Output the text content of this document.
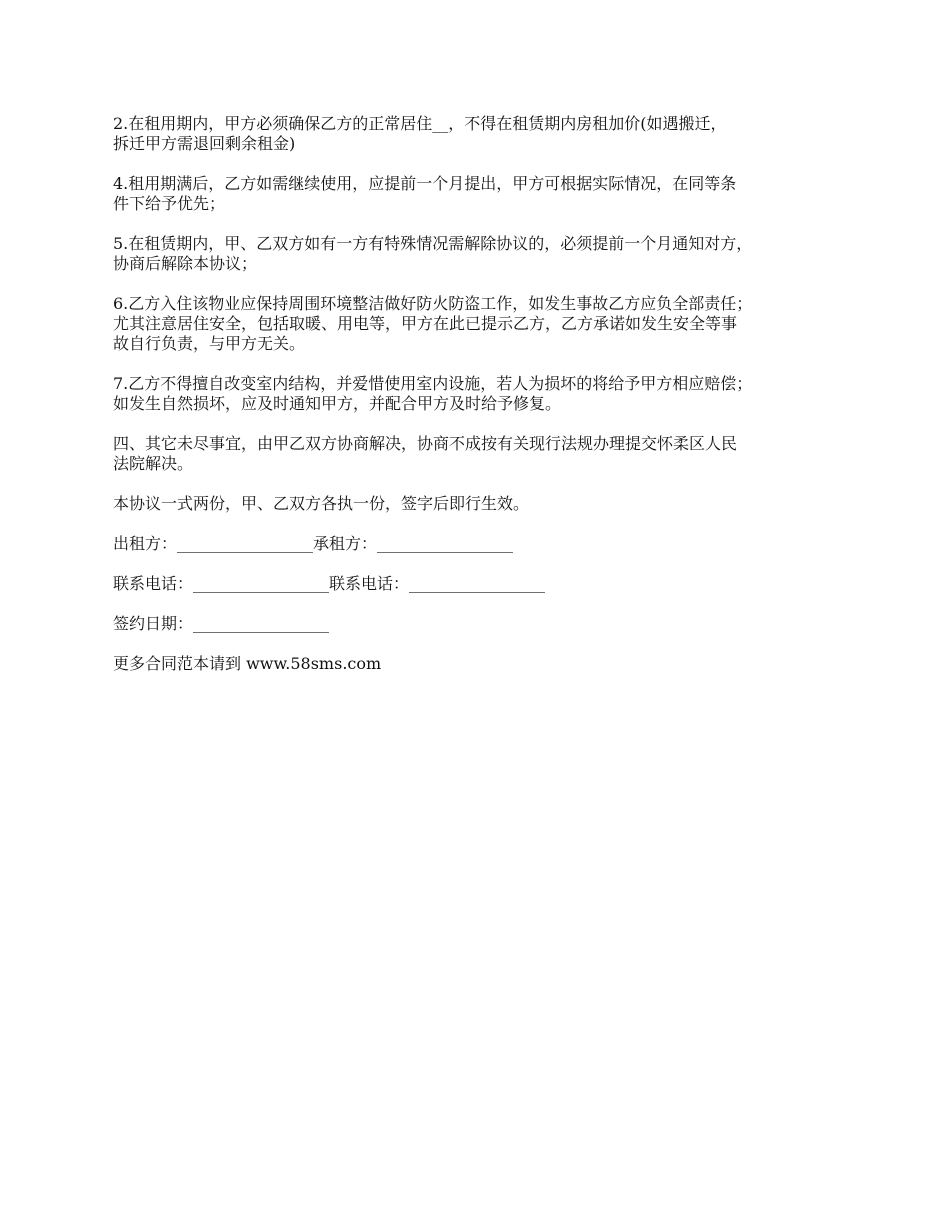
2.在租用期内，甲方必须确保乙方的正常居住__，不得在租赁期内房租加价(如遇搬迁，
拆迁甲方需退回剩余租金)

4.租用期满后，乙方如需继续使用，应提前一个月提出，甲方可根据实际情况，在同等条
件下给予优先；

5.在租赁期内，甲、乙双方如有一方有特殊情况需解除协议的，必须提前一个月通知对方，
协商后解除本协议；

6.乙方入住该物业应保持周围环境整洁做好防火防盗工作，如发生事故乙方应负全部责任；
尤其注意居住安全，包括取暖、用电等，甲方在此已提示乙方，乙方承诺如发生安全等事
故自行负责，与甲方无关。

7.乙方不得擅自改变室内结构，并爱惜使用室内设施，若人为损坏的将给予甲方相应赔偿；
如发生自然损坏，应及时通知甲方，并配合甲方及时给予修复。

四、其它未尽事宜，由甲乙双方协商解决，协商不成按有关现行法规办理提交怀柔区人民
法院解决。

本协议一式两份，甲、乙双方各执一份，签字后即行生效。

出租方：_________________承租方：_________________

联系电话：_________________联系电话：_________________

签约日期：_________________

更多合同范本请到 www.58sms.com
